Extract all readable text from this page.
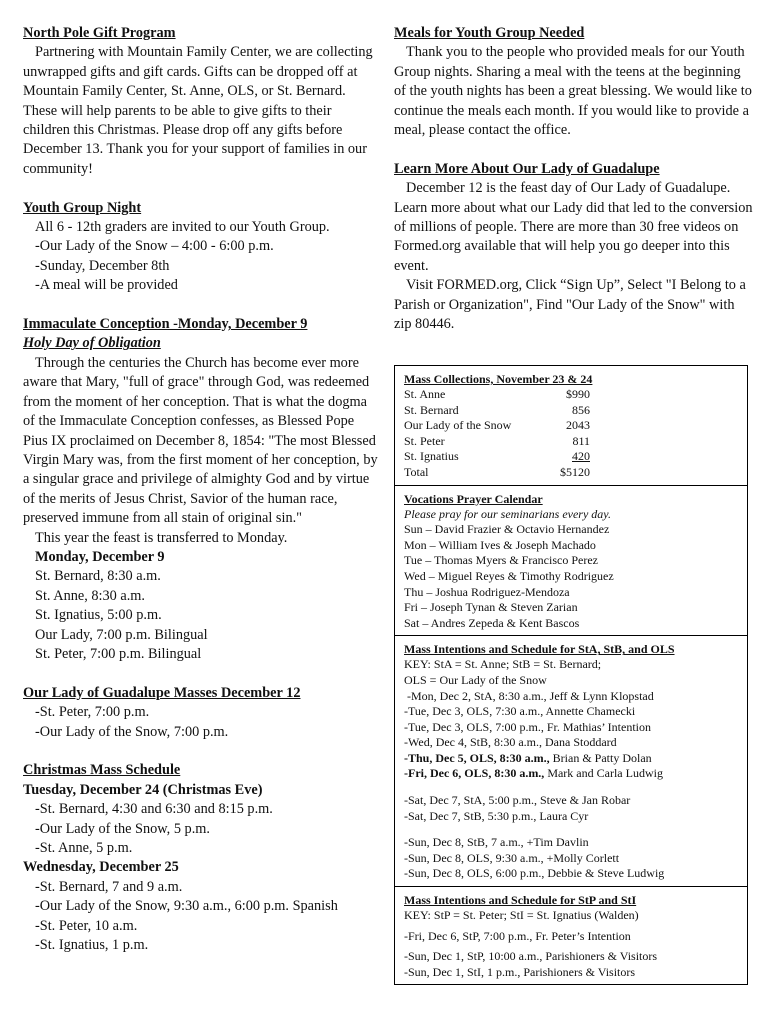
North Pole Gift Program

Partnering with Mountain Family Center, we are collecting unwrapped gifts and gift cards. Gifts can be dropped off at Mountain Family Center, St. Anne, OLS, or St. Bernard. These will help parents to be able to give gifts to their children this Christmas. Please drop off any gifts before December 13. Thank you for your support of families in our community!

Youth Group Night

All 6 - 12th graders are invited to our Youth Group.

-Our Lady of the Snow – 4:00 - 6:00 p.m.

-Sunday, December 8th

-A meal will be provided

Immaculate Conception -Monday, December 9

Holy Day of Obligation

Through the centuries the Church has become ever more aware that Mary, "full of grace" through God, was redeemed from the moment of her conception. That is what the dogma of the Immaculate Conception confesses, as Blessed Pope Pius IX proclaimed on December 8, 1854: "The most Blessed Virgin Mary was, from the first moment of her conception, by a singular grace and privilege of almighty God and by virtue of the merits of Jesus Christ, Savior of the human race, preserved immune from all stain of original sin."

This year the feast is transferred to Monday.

Monday, December 9

St. Bernard, 8:30 a.m.

St. Anne, 8:30 a.m.

St. Ignatius, 5:00 p.m.

Our Lady, 7:00 p.m. Bilingual

St. Peter, 7:00 p.m. Bilingual

Our Lady of Guadalupe Masses December 12

-St. Peter, 7:00 p.m.

-Our Lady of the Snow, 7:00 p.m.

Christmas Mass Schedule

Tuesday, December 24 (Christmas Eve)

-St. Bernard, 4:30 and 6:30 and 8:15 p.m.

-Our Lady of the Snow, 5 p.m.

-St. Anne, 5 p.m.

Wednesday, December 25

-St. Bernard, 7 and 9 a.m.

-Our Lady of the Snow, 9:30 a.m., 6:00 p.m. Spanish

-St. Peter, 10 a.m.

-St. Ignatius, 1 p.m.

Meals for Youth Group Needed

Thank you to the people who provided meals for our Youth Group nights. Sharing a meal with the teens at the beginning of the youth nights has been a great blessing. We would like to continue the meals each month. If you would like to provide a meal, please contact the office.

Learn More About Our Lady of Guadalupe

December 12 is the feast day of Our Lady of Guadalupe. Learn more about what our Lady did that led to the conversion of millions of people. There are more than 30 free videos on Formed.org available that will help you go deeper into this event.

Visit FORMED.org, Click “Sign Up”, Select "I Belong to a Parish or Organization", Find "Our Lady of the Snow" with zip 80446.

Mass Collections, November 23 & 24
St. Anne	$990
St. Bernard	856
Our Lady of the Snow	2043
St. Peter	811
St. Ignatius	420
Total	$5120
Vocations Prayer Calendar
Please pray for our seminarians every day.
Sun – David Frazier & Octavio Hernandez
Mon – William Ives & Joseph Machado
Tue – Thomas Myers & Francisco Perez
Wed – Miguel Reyes & Timothy Rodriguez
Thu – Joshua Rodriguez-Mendoza
Fri – Joseph Tynan & Steven Zarian
Sat – Andres Zepeda & Kent Bascos
Mass Intentions and Schedule for StA, StB, and OLS
KEY: StA = St. Anne; StB = St. Bernard;
OLS = Our Lady of the Snow
-Mon, Dec 2, StA, 8:30 a.m., Jeff & Lynn Klopstad
-Tue, Dec 3, OLS, 7:30 a.m., Annette Chamecki
-Tue, Dec 3, OLS, 7:00 p.m., Fr. Mathias’ Intention
-Wed, Dec 4, StB, 8:30 a.m., Dana Stoddard
-Thu, Dec 5, OLS, 8:30 a.m., Brian & Patty Dolan
-Fri, Dec 6, OLS, 8:30 a.m., Mark and Carla Ludwig
-Sat, Dec 7, StA, 5:00 p.m., Steve & Jan Robar
-Sat, Dec 7, StB, 5:30 p.m., Laura Cyr
-Sun, Dec 8, StB, 7 a.m., +Tim Davlin
-Sun, Dec 8, OLS, 9:30 a.m., +Molly Corlett
-Sun, Dec 8, OLS, 6:00 p.m., Debbie & Steve Ludwig
Mass Intentions and Schedule for StP and StI
KEY: StP = St. Peter; StI = St. Ignatius (Walden)
-Fri, Dec 6, StP, 7:00 p.m., Fr. Peter’s Intention
-Sun, Dec 1, StP, 10:00 a.m., Parishioners & Visitors
-Sun, Dec 1, StI, 1 p.m., Parishioners & Visitors
